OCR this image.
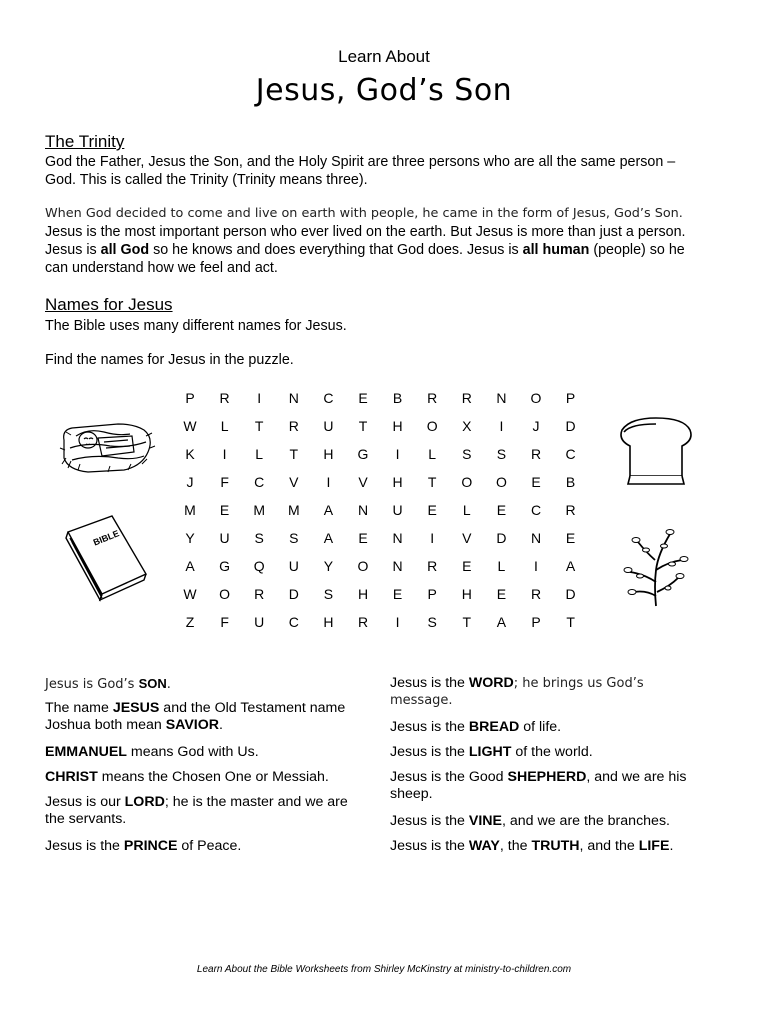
Learn About
Jesus, God’s Son
The Trinity
God the Father, Jesus the Son, and the Holy Spirit are three persons who are all the same person –
God. This is called the Trinity (Trinity means three).
When God decided to come and live on earth with people, he came in the form of Jesus, God’s Son.
Jesus is the most important person who ever lived on the earth. But Jesus is more than just a person.
Jesus is all God so he knows and does everything that God does. Jesus is all human (people) so he
can understand how we feel and act.
Names for Jesus
The Bible uses many different names for Jesus.
Find the names for Jesus in the puzzle.
P	R	I	N	C	E	B	R	R	N	O	P
W	L	T	R	U	T	H	O	X	I	J	D
K	I	L	T	H	G	I	L	S	S	R	C
J	F	C	V	I	V	H	T	O	O	E	B
M	E	M	M	A	N	U	E	L	E	C	R
Y	U	S	S	A	E	N	I	V	D	N	E
A	G	Q	U	Y	O	N	R	E	L	I	A
W	O	R	D	S	H	E	P	H	E	R	D
Z	F	U	C	H	R	I	S	T	A	P	T
BIBLE
Jesus is God’s SON.
The name JESUS and the Old Testament name
Joshua both mean SAVIOR.
EMMANUEL means God with Us.
CHRIST means the Chosen One or Messiah.
Jesus is our LORD; he is the master and we are
the servants.
Jesus is the PRINCE of Peace.
Jesus is the WORD; he brings us God’s
message.
Jesus is the BREAD of life.
Jesus is the LIGHT of the world.
Jesus is the Good SHEPHERD, and we are his
sheep.
Jesus is the VINE, and we are the branches.
Jesus is the WAY, the TRUTH, and the LIFE.
Learn About the Bible Worksheets from Shirley McKinstry at ministry-to-children.com
